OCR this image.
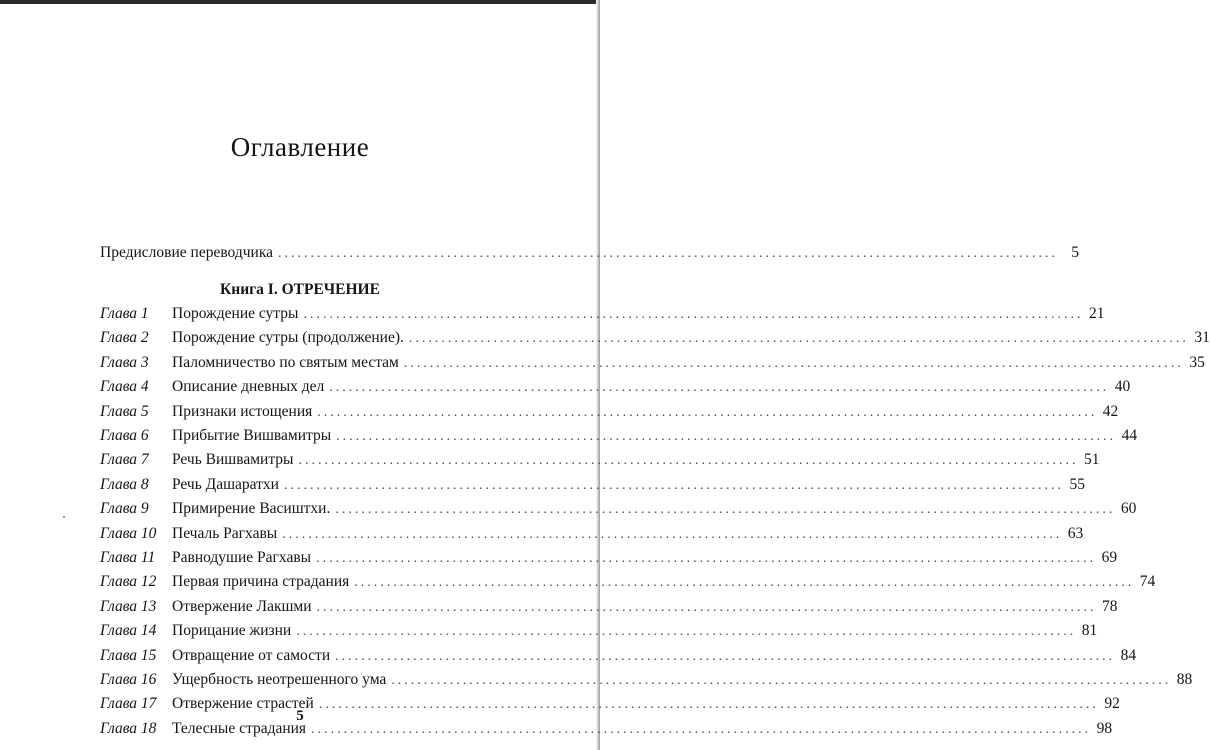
Оглавление
Предисловие переводчика ........................................................................................................................ 5
Книга I. ОТРЕЧЕНИЕ
Глава 1	Порождение сутры ........................................................................................................................ 21
Глава 2	Порождение сутры (продолжение). ........................................................................................................................ 31
Глава 3	Паломничество по святым местам ........................................................................................................................ 35
Глава 4	Описание дневных дел ........................................................................................................................ 40
Глава 5	Признаки истощения ........................................................................................................................ 42
Глава 6	Прибытие Вишвамитры ........................................................................................................................ 44
Глава 7	Речь Вишвамитры ........................................................................................................................ 51
Глава 8	Речь Дашаратхи ........................................................................................................................ 55
Глава 9	Примирение Васиштхи. ........................................................................................................................ 60
Глава 10	Печаль Рагхавы ........................................................................................................................ 63
Глава 11	Равнодушие Рагхавы ........................................................................................................................ 69
Глава 12	Первая причина страдания ........................................................................................................................ 74
Глава 13	Отвержение Лакшми ........................................................................................................................ 78
Глава 14	Порицание жизни ........................................................................................................................ 81
Глава 15	Отвращение от самости ........................................................................................................................ 84
Глава 16	Ущербность неотрешенного ума ........................................................................................................................ 88
Глава 17	Отвержение страстей ........................................................................................................................ 92
Глава 18	Телесные страдания ........................................................................................................................ 98
5
